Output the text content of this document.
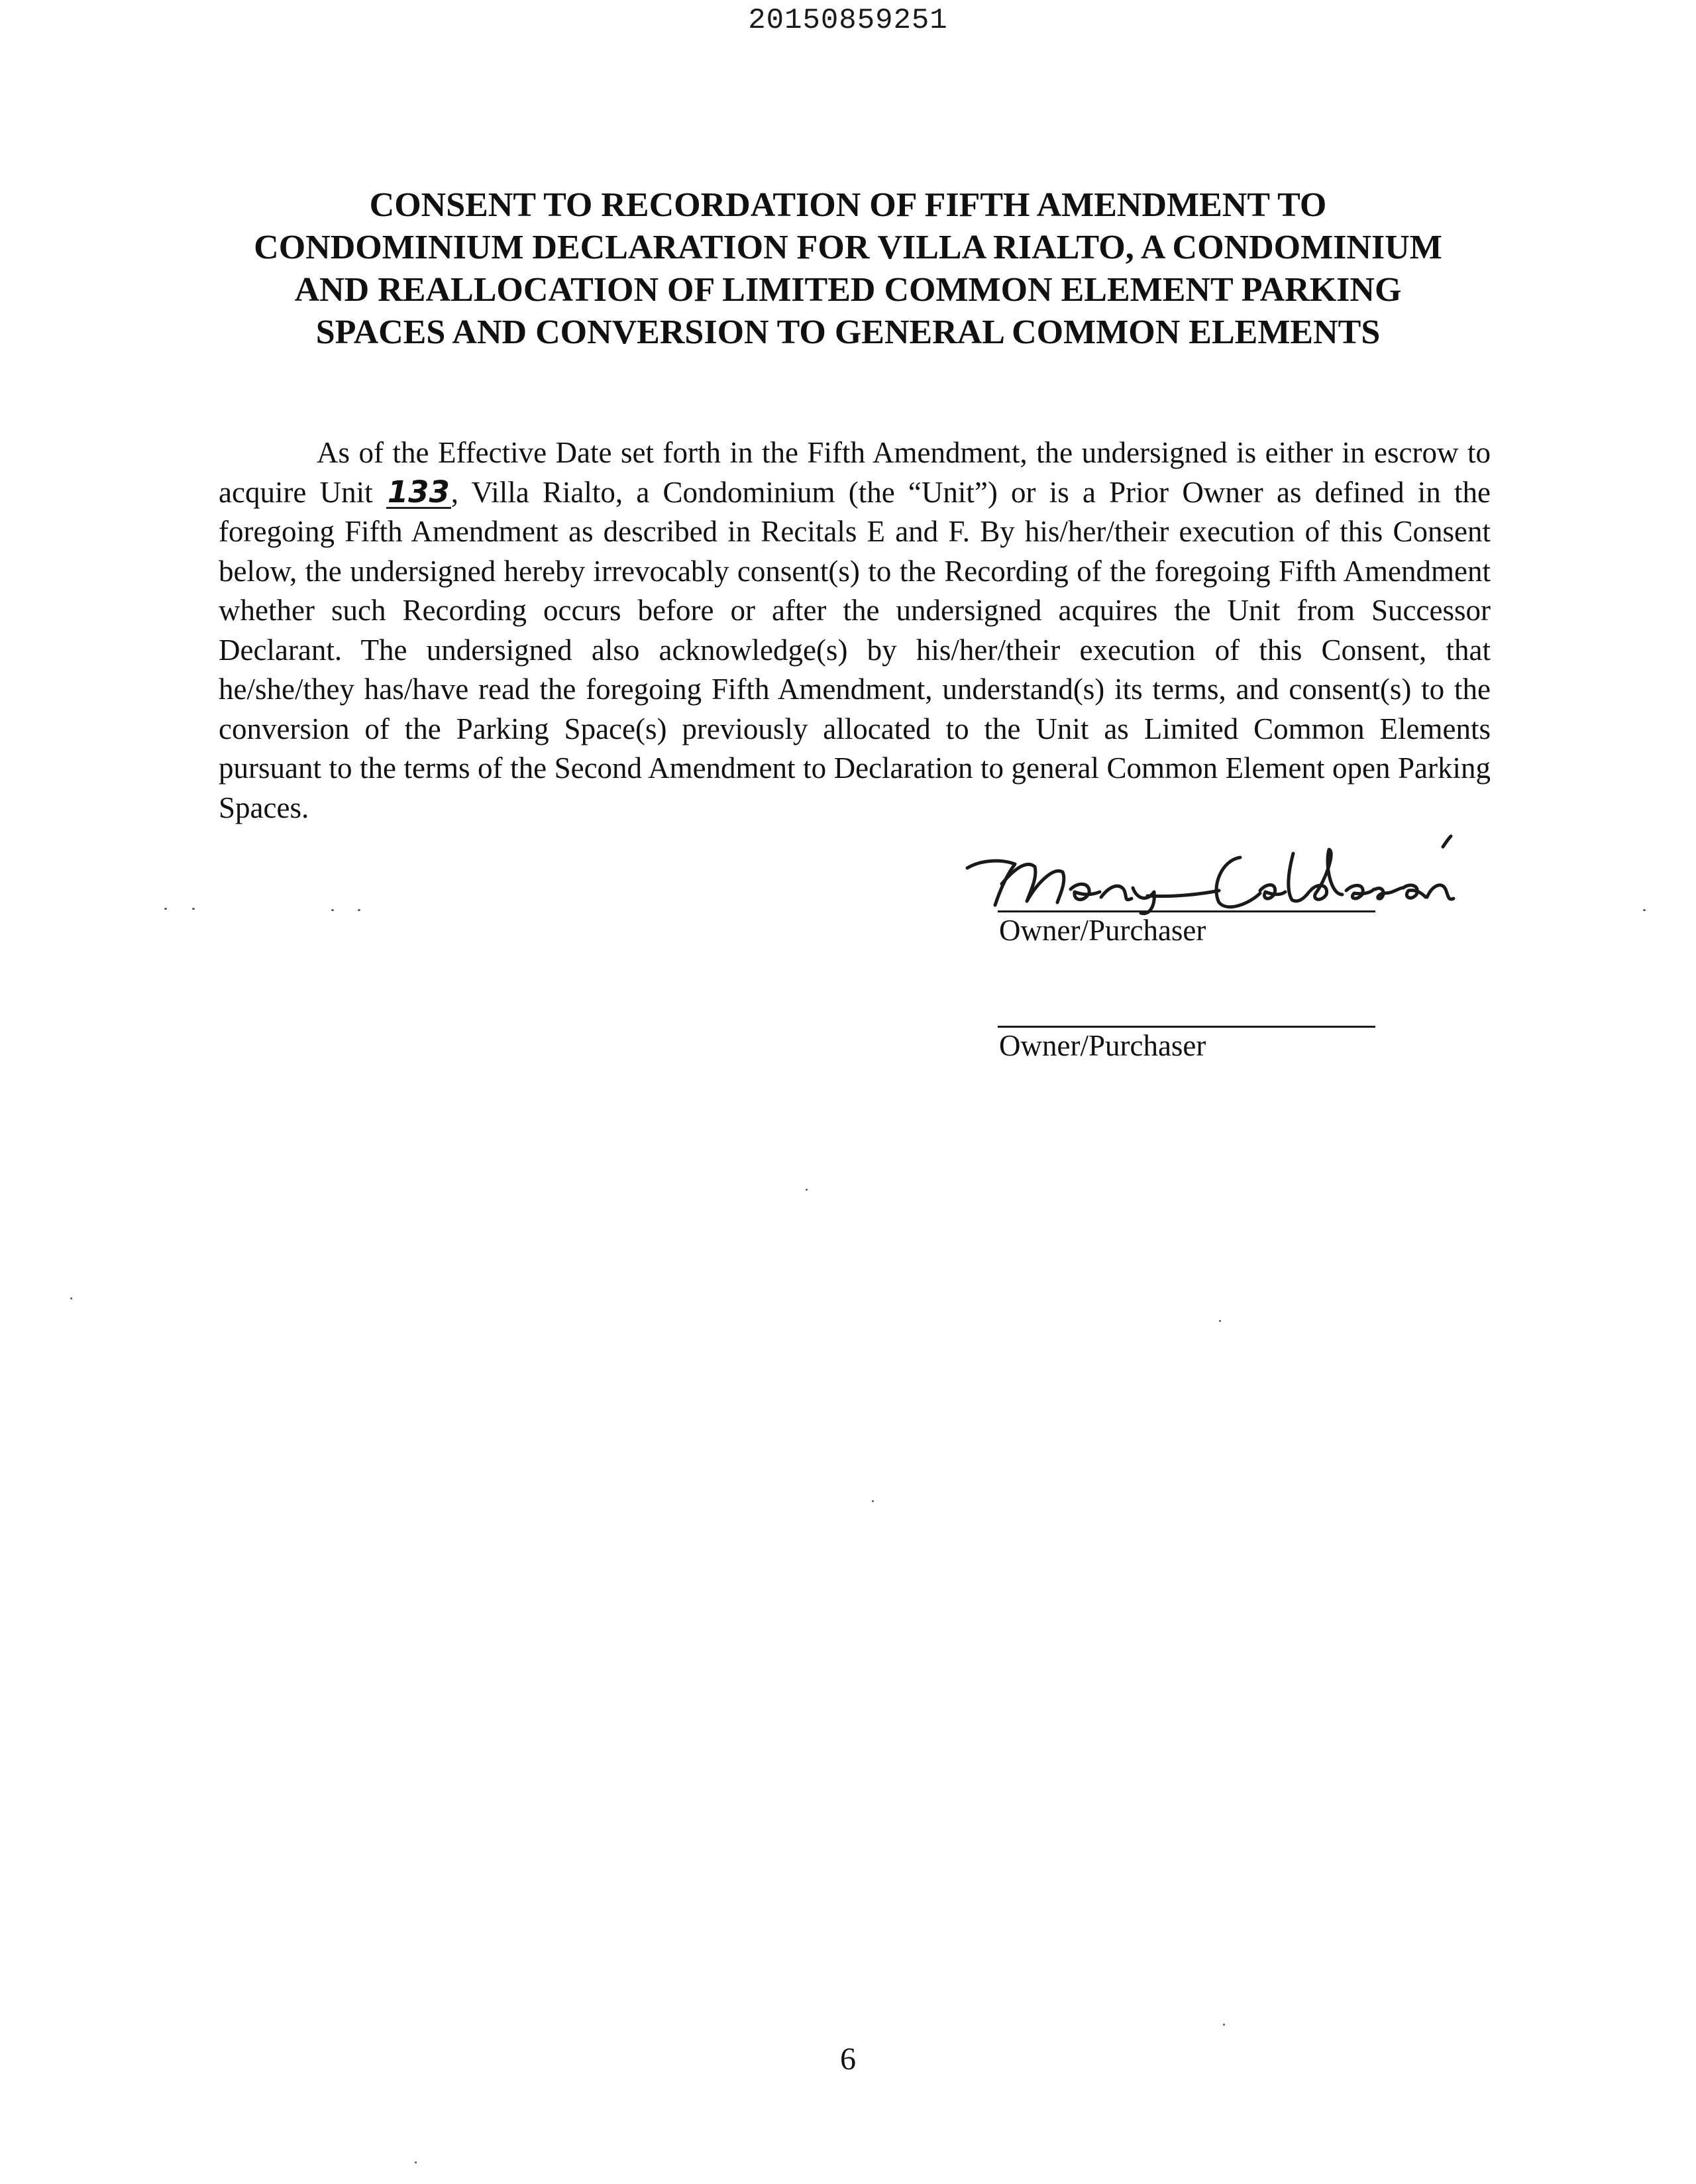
20150859251
CONSENT TO RECORDATION OF FIFTH AMENDMENT TO
CONDOMINIUM DECLARATION FOR VILLA RIALTO, A CONDOMINIUM
AND REALLOCATION OF LIMITED COMMON ELEMENT PARKING
SPACES AND CONVERSION TO GENERAL COMMON ELEMENTS
As of the Effective Date set forth in the Fifth Amendment, the undersigned is either in escrow to acquire Unit 133, Villa Rialto, a Condominium (the “Unit”) or is a Prior Owner as defined in the foregoing Fifth Amendment as described in Recitals E and F. By his/her/their execution of this Consent below, the undersigned hereby irrevocably consent(s) to the Recording of the foregoing Fifth Amendment whether such Recording occurs before or after the undersigned acquires the Unit from Successor Declarant. The undersigned also acknowledge(s) by his/her/their execution of this Consent, that he/she/they has/have read the foregoing Fifth Amendment, understand(s) its terms, and consent(s) to the conversion of the Parking Space(s) previously allocated to the Unit as Limited Common Elements pursuant to the terms of the Second Amendment to Declaration to general Common Element open Parking Spaces.
Owner/Purchaser
Owner/Purchaser
6
